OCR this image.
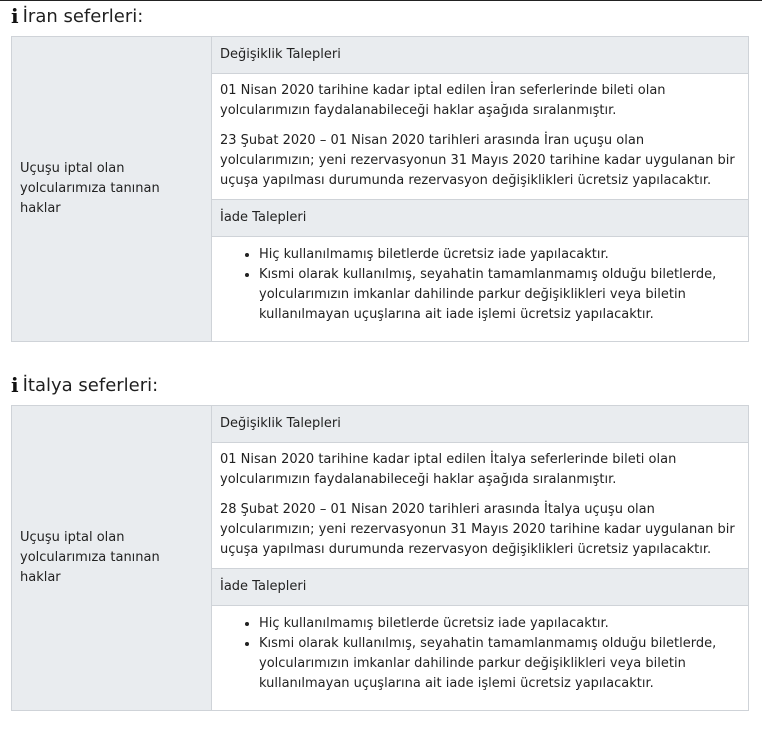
i İran seferleri:
Uçuşu iptal olan yolcularımıza tanınan haklar	Değişiklik Talepleri

01 Nisan 2020 tarihine kadar iptal edilen İran seferlerinde bileti olan yolcularımızın faydalanabileceği haklar aşağıda sıralanmıştır.

23 Şubat 2020 – 01 Nisan 2020 tarihleri arasında İran uçuşu olan yolcularımızın; yeni rezervasyonun 31 Mayıs 2020 tarihine kadar uygulanan bir uçuşa yapılması durumunda rezervasyon değişiklikleri ücretsiz yapılacaktır.

İade Talepleri

• Hiç kullanılmamış biletlerde ücretsiz iade yapılacaktır.
• Kısmi olarak kullanılmış, seyahatin tamamlanmamış olduğu biletlerde, yolcularımızın imkanlar dahilinde parkur değişiklikleri veya biletin kullanılmayan uçuşlarına ait iade işlemi ücretsiz yapılacaktır.
i İtalya seferleri:
Uçuşu iptal olan yolcularımıza tanınan haklar	Değişiklik Talepleri

01 Nisan 2020 tarihine kadar iptal edilen İtalya seferlerinde bileti olan yolcularımızın faydalanabileceği haklar aşağıda sıralanmıştır.

28 Şubat 2020 – 01 Nisan 2020 tarihleri arasında İtalya uçuşu olan yolcularımızın; yeni rezervasyonun 31 Mayıs 2020 tarihine kadar uygulanan bir uçuşa yapılması durumunda rezervasyon değişiklikleri ücretsiz yapılacaktır.

İade Talepleri

• Hiç kullanılmamış biletlerde ücretsiz iade yapılacaktır.
• Kısmi olarak kullanılmış, seyahatin tamamlanmamış olduğu biletlerde, yolcularımızın imkanlar dahilinde parkur değişiklikleri veya biletin kullanılmayan uçuşlarına ait iade işlemi ücretsiz yapılacaktır.
